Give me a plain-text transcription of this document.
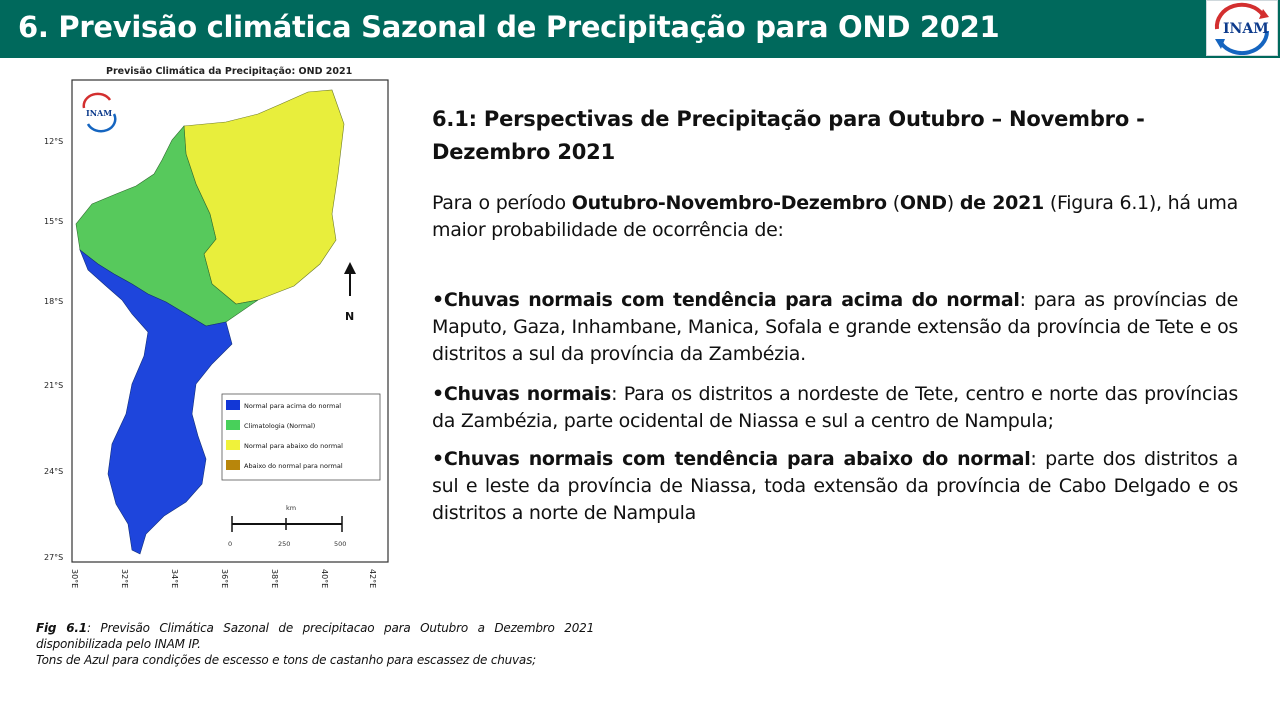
6. Previsão climática Sazonal de Precipitação para OND 2021	INAM
Previsão Climática da Precipitação: OND 2021
12°S
15°S
18°S
21°S
24°S
27°S
30°E	32°E	34°E	36°E	38°E	40°E	42°E
INAM
N
Normal para acima do normal
Climatologia (Normal)
Normal para abaixo do normal
Abaixo do normal para normal
km
0	250	500
6.1: Perspectivas de Precipitação para Outubro – Novembro - Dezembro 2021
Para o período Outubro-Novembro-Dezembro (OND) de 2021 (Figura 6.1), há uma maior probabilidade de ocorrência de:
•Chuvas normais com tendência para acima do normal: para as províncias de Maputo, Gaza, Inhambane, Manica, Sofala e grande extensão da província de Tete e os distritos a sul da província da Zambézia.
•Chuvas normais: Para os distritos a nordeste de Tete, centro e norte das províncias da Zambézia, parte ocidental de Niassa e sul a centro de Nampula;
•Chuvas normais com tendência para abaixo do normal: parte dos distritos a sul e leste da província de Niassa, toda extensão da província de Cabo Delgado e os distritos a norte de Nampula
Fig 6.1: Previsão Climática Sazonal de precipitacao para Outubro a Dezembro 2021 disponibilizada pelo INAM IP.
Tons de Azul para condições de escesso e tons de castanho para escassez de chuvas;
